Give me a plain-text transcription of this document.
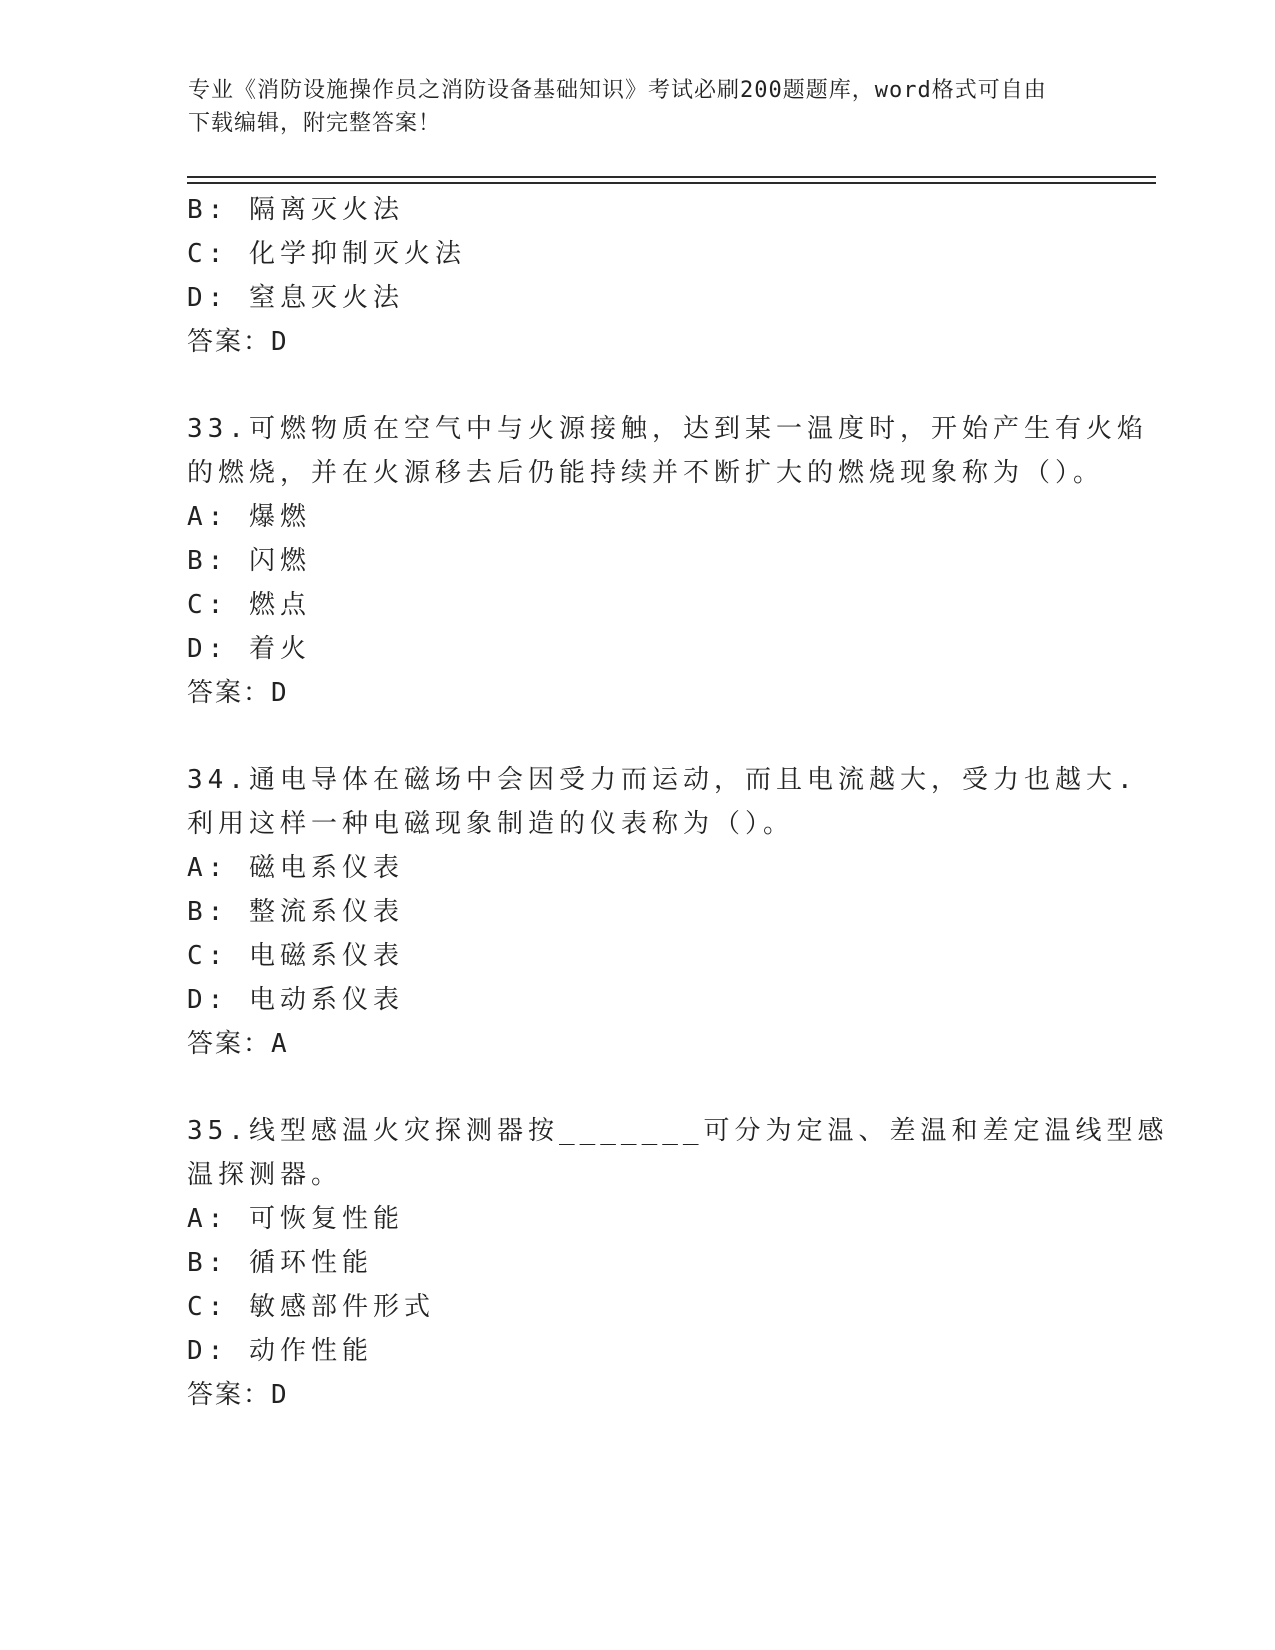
专业《消防设施操作员之消防设备基础知识》考试必刷200题题库，word格式可自由下载编辑，附完整答案！
B: 隔离灭火法
C: 化学抑制灭火法
D: 窒息灭火法
答案：D
33.可燃物质在空气中与火源接触，达到某一温度时，开始产生有火焰
的燃烧，并在火源移去后仍能持续并不断扩大的燃烧现象称为（）。
A: 爆燃
B: 闪燃
C: 燃点
D: 着火
答案：D
34.通电导体在磁场中会因受力而运动，而且电流越大，受力也越大.
利用这样一种电磁现象制造的仪表称为（）。
A: 磁电系仪表
B: 整流系仪表
C: 电磁系仪表
D: 电动系仪表
答案：A
35.线型感温火灾探测器按_______可分为定温、差温和差定温线型感
温探测器。
A: 可恢复性能
B: 循环性能
C: 敏感部件形式
D: 动作性能
答案：D
